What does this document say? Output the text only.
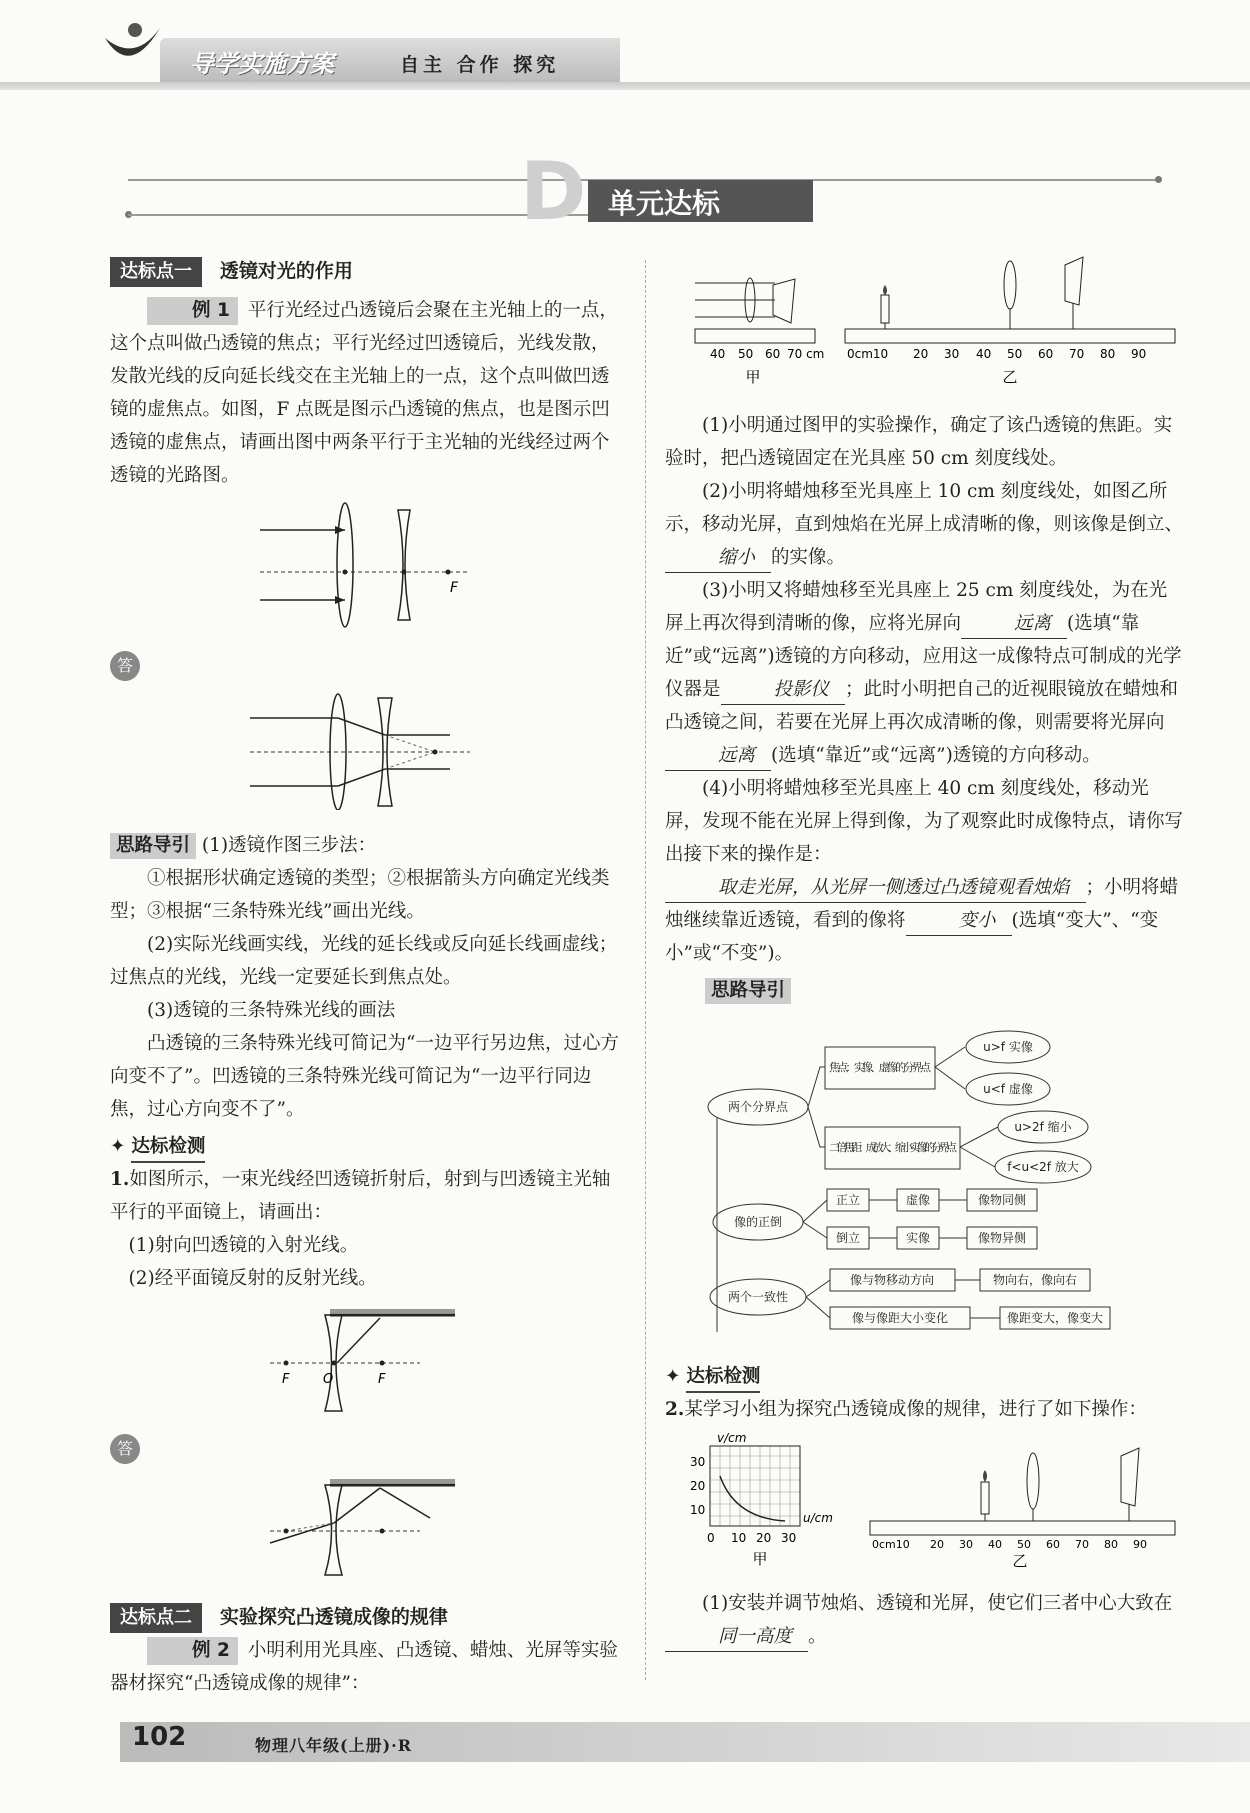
导学实施方案	自主 合作 探究
D 单元达标
达标点一 透镜对光的作用

例 1 平行光经过凸透镜后会聚在主光轴上的一点，这个点叫做凸透镜的焦点；平行光经过凹透镜后，光线发散，发散光线的反向延长线交在主光轴上的一点，这个点叫做凹透镜的虚焦点。如图，F 点既是图示凸透镜的焦点，也是图示凹透镜的虚焦点，请画出图中两条平行于主光轴的光线经过两个透镜的光路图。

F
答

思路导引 (1)透镜作图三步法：

①根据形状确定透镜的类型；②根据箭头方向确定光线类型；③根据“三条特殊光线”画出光线。

(2)实际光线画实线，光线的延长线或反向延长线画虚线；过焦点的光线，光线一定要延长到焦点处。

(3)透镜的三条特殊光线的画法

凸透镜的三条特殊光线可简记为“一边平行另边焦，过心方向变不了”。凹透镜的三条特殊光线可简记为“一边平行同边焦，过心方向变不了”。

✦ 达标检测

1.如图所示，一束光线经凹透镜折射后，射到与凹透镜主光轴平行的平面镜上，请画出：

(1)射向凹透镜的入射光线。

(2)经平面镜反射的反射光线。

F	O	F
答
达标点二 实验探究凸透镜成像的规律

例 2 小明利用光具座、凸透镜、蜡烛、光屏等实验器材探究“凸透镜成像的规律”：

40 50 60 70 cm
甲
0cm10 20 30 40 50 60 70 80 90
乙

(1)小明通过图甲的实验操作，确定了该凸透镜的焦距。实验时，把凸透镜固定在光具座 50 cm 刻度线处。

(2)小明将蜡烛移至光具座上 10 cm 刻度线处，如图乙所示，移动光屏，直到烛焰在光屏上成清晰的像，则该像是倒立、缩小 的实像。

(3)小明又将蜡烛移至光具座上 25 cm 刻度线处，为在光屏上再次得到清晰的像，应将光屏向	远离 (选填“靠近”或“远离”)透镜的方向移动，应用这一成像特点可制成的光学仪器是	投影仪 ；此时小明把自己的近视眼镜放在蜡烛和凸透镜之间，若要在光屏上再次成清晰的像，则需要将光屏向远离 (选填“靠近”或“远离”)透镜的方向移动。

(4)小明将蜡烛移至光具座上 40 cm 刻度线处，移动光屏，发现不能在光屏上得到像，为了观察此时成像特点，请你写出接下来的操作是：取走光屏，从光屏一侧透过凸透镜观看烛焰 ；小明将蜡烛继续靠近透镜，看到的像将	变小 (选填“变大”、“变小”或“不变”)。

思路导引

两个分界点
焦点：实像、虚像的分界点
u>f 实像
u<f 虚像
二倍焦距：成放大、缩小实像的分界点
u>2f 缩小
f<u<2f 放大
像的正倒
正立	虚像	像物同侧
倒立	实像	像物异侧
两个一致性
像与物移动方向	物向右，像向右
像与像距大小变化	像距变大，像变大
✦ 达标检测

2.某学习小组为探究凸透镜成像的规律，进行了如下操作：

v/cm
u/cm
30
20
10
0 10 20 30
甲
0cm10 20 30 40 50 60 70 80 90
乙

(1)安装并调节烛焰、透镜和光屏，使它们三者中心大致在同一高度 。

102	物理八年级(上册)·R
